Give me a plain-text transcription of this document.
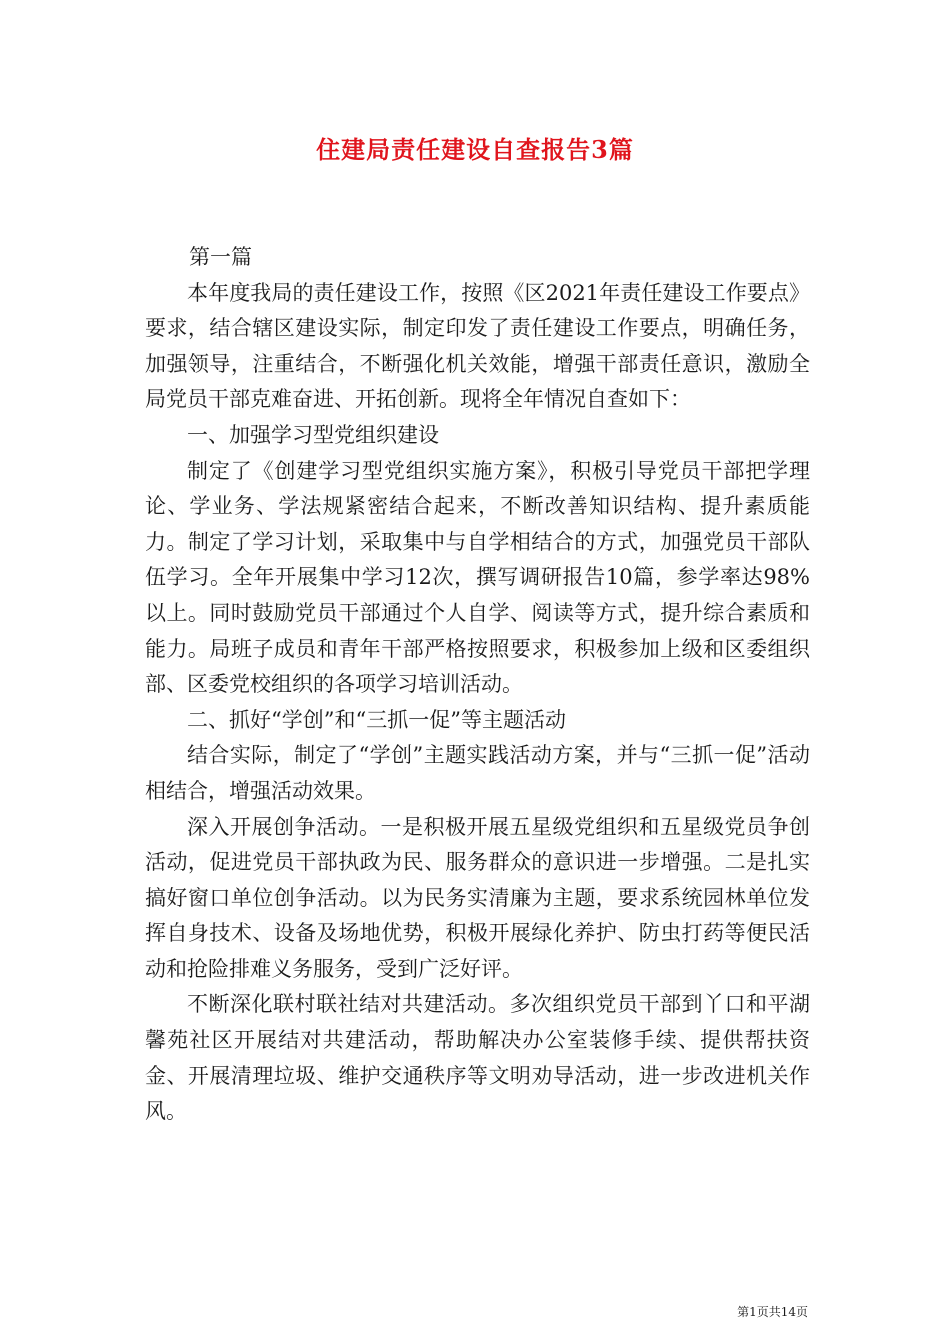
住建局责任建设自查报告3篇

第一篇

本年度我局的责任建设工作，按照《区2021年责任建设工作要点》要求，结合辖区建设实际，制定印发了责任建设工作要点，明确任务，加强领导，注重结合，不断强化机关效能，增强干部责任意识，激励全局党员干部克难奋进、开拓创新。现将全年情况自查如下：

一、加强学习型党组织建设

制定了《创建学习型党组织实施方案》，积极引导党员干部把学理论、学业务、学法规紧密结合起来，不断改善知识结构、提升素质能力。制定了学习计划，采取集中与自学相结合的方式，加强党员干部队伍学习。全年开展集中学习12次，撰写调研报告10篇，参学率达98%以上。同时鼓励党员干部通过个人自学、阅读等方式，提升综合素质和能力。局班子成员和青年干部严格按照要求，积极参加上级和区委组织部、区委党校组织的各项学习培训活动。

二、抓好“学创”和“三抓一促”等主题活动

结合实际，制定了“学创”主题实践活动方案，并与“三抓一促”活动相结合，增强活动效果。

深入开展创争活动。一是积极开展五星级党组织和五星级党员争创活动，促进党员干部执政为民、服务群众的意识进一步增强。二是扎实搞好窗口单位创争活动。以为民务实清廉为主题，要求系统园林单位发挥自身技术、设备及场地优势，积极开展绿化养护、防虫打药等便民活动和抢险排难义务服务，受到广泛好评。

不断深化联村联社结对共建活动。多次组织党员干部到丫口和平湖馨苑社区开展结对共建活动，帮助解决办公室装修手续、提供帮扶资金、开展清理垃圾、维护交通秩序等文明劝导活动，进一步改进机关作风。

第1页共14页
